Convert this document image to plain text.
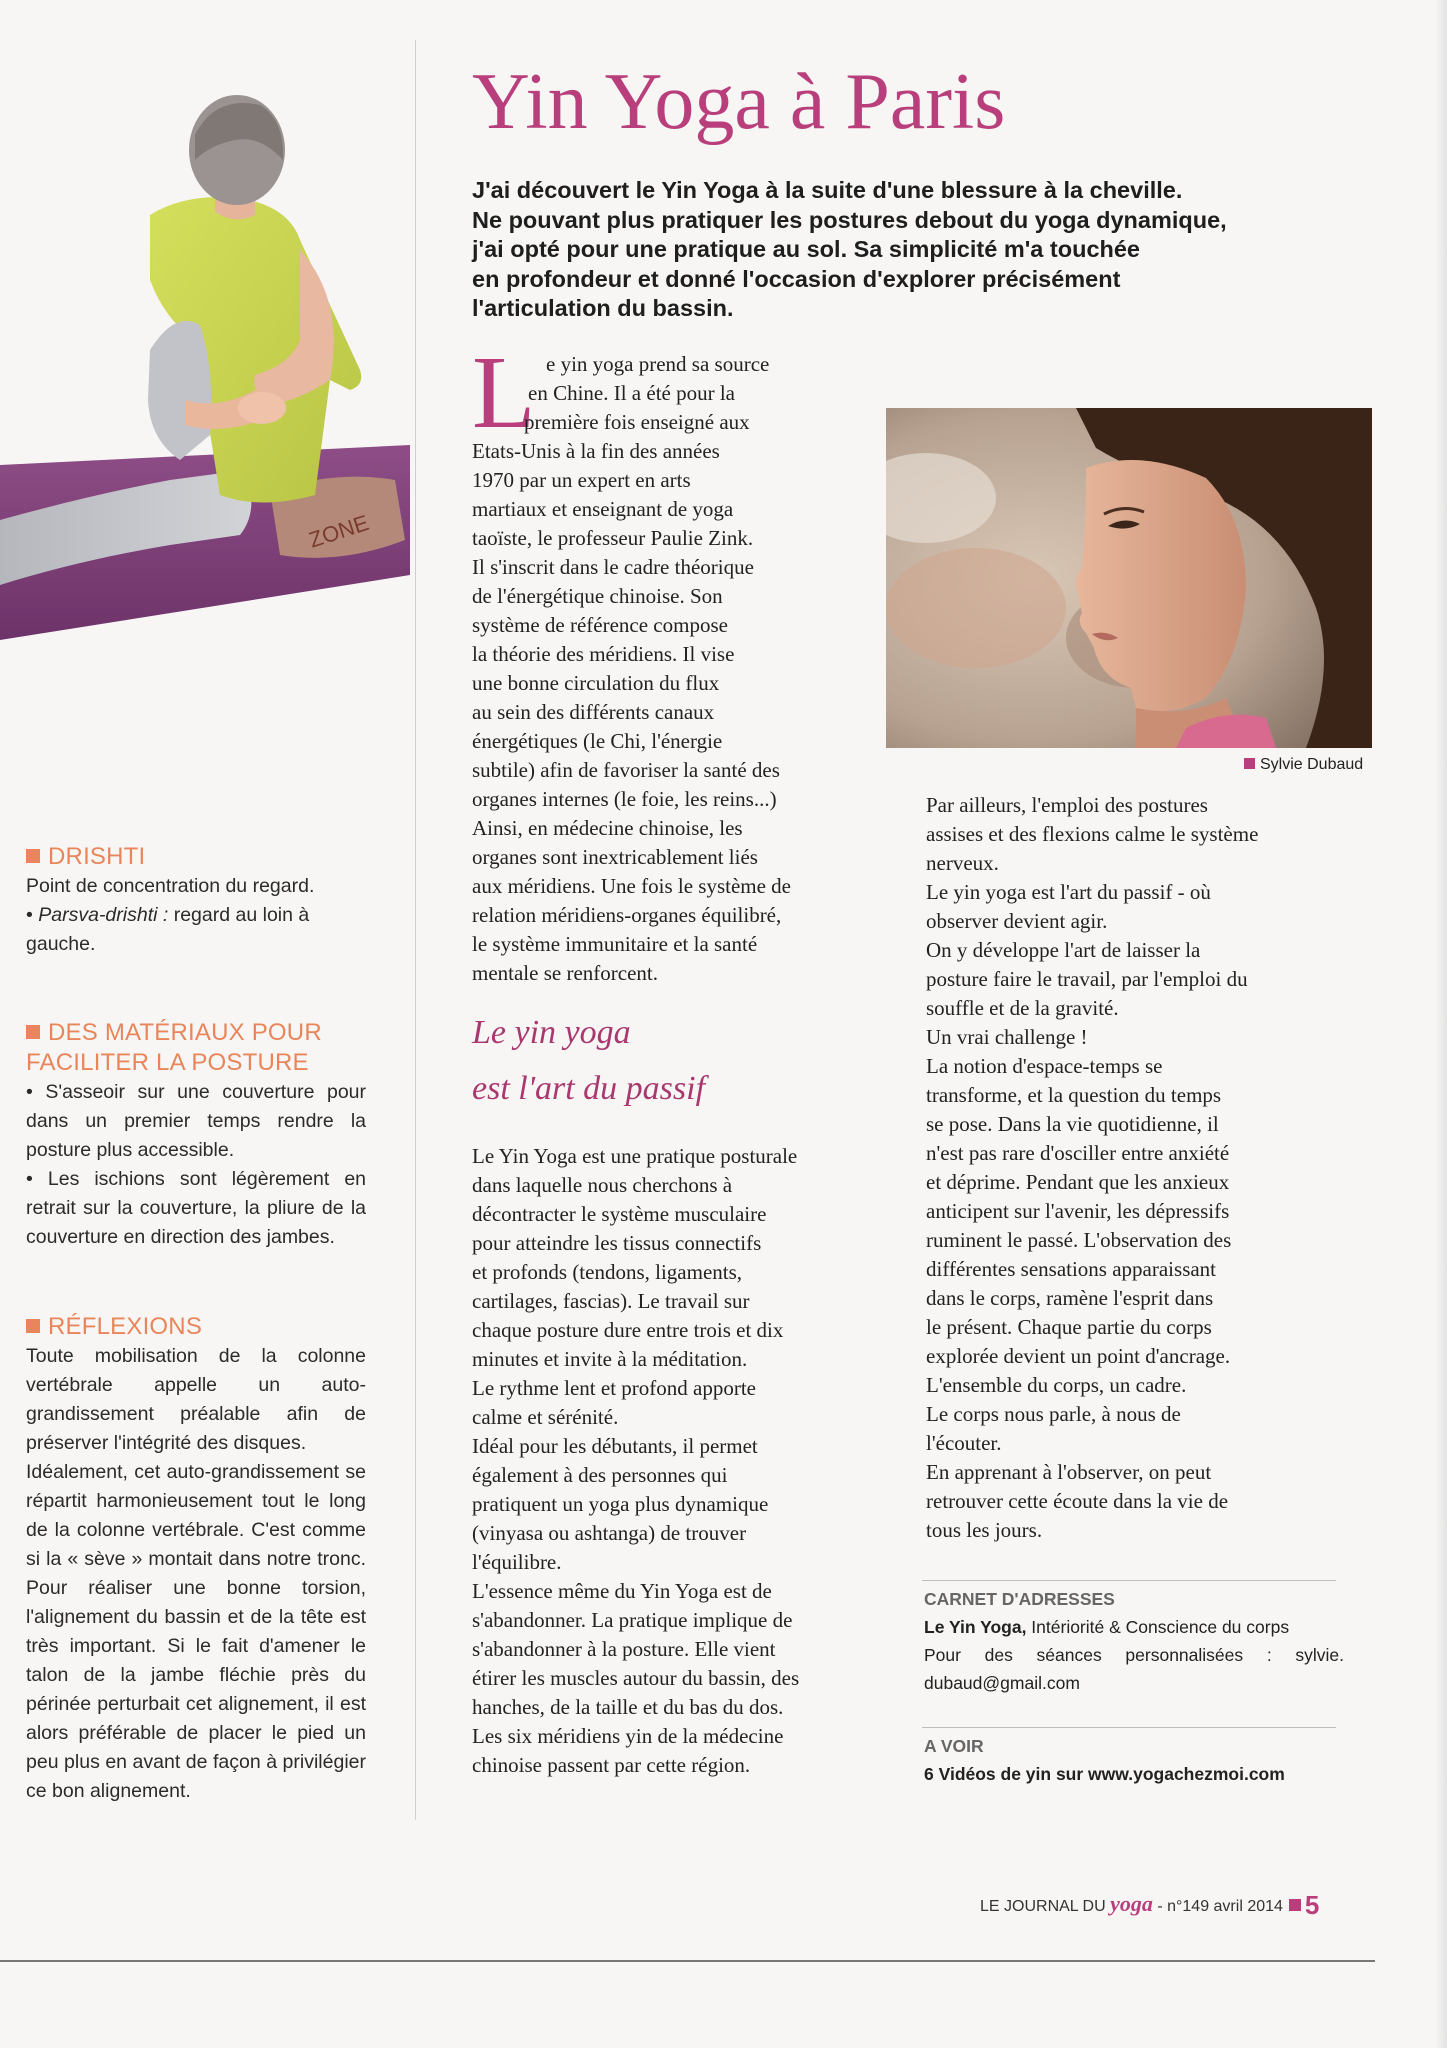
ZONE
DRISHTI

Point de concentration du regard.

• Parsva-drishti : regard au loin à gauche.

DES MATÉRIAUX POUR FACILITER LA POSTURE

• S'asseoir sur une couverture pour dans un premier temps rendre la posture plus accessible.

• Les ischions sont légèrement en retrait sur la couverture, la pliure de la couverture en direction des jambes.

RÉFLEXIONS

Toute mobilisation de la colonne vertébrale appelle un auto-grandissement préalable afin de préserver l'intégrité des disques.

Idéalement, cet auto-grandissement se répartit harmonieusement tout le long de la colonne vertébrale. C'est comme si la « sève » montait dans notre tronc. Pour réaliser une bonne torsion, l'alignement du bassin et de la tête est très important. Si le fait d'amener le talon de la jambe fléchie près du périnée perturbait cet alignement, il est alors préférable de placer le pied un peu plus en avant de façon à privilégier ce bon alignement.

Yin Yoga à Paris
J'ai découvert le Yin Yoga à la suite d'une blessure à la cheville.
Ne pouvant plus pratiquer les postures debout du yoga dynamique,
j'ai opté pour une pratique au sol. Sa simplicité m'a touchée
en profondeur et donné l'occasion d'explorer précisément
l'articulation du bassin.
L e yin yoga prend sa source
en Chine. Il a été pour la
première fois enseigné aux
Etats-Unis à la fin des années
1970 par un expert en arts
martiaux et enseignant de yoga
taoïste, le professeur Paulie Zink.
Il s'inscrit dans le cadre théorique
de l'énergétique chinoise. Son
système de référence compose
la théorie des méridiens. Il vise
une bonne circulation du flux
au sein des différents canaux
énergétiques (le Chi, l'énergie
subtile) afin de favoriser la santé des
organes internes (le foie, les reins...)
Ainsi, en médecine chinoise, les
organes sont inextricablement liés
aux méridiens. Une fois le système de
relation méridiens-organes équilibré,
le système immunitaire et la santé
mentale se renforcent.
Le yin yoga
est l'art du passif
Le Yin Yoga est une pratique posturale
dans laquelle nous cherchons à
décontracter le système musculaire
pour atteindre les tissus connectifs
et profonds (tendons, ligaments,
cartilages, fascias). Le travail sur
chaque posture dure entre trois et dix
minutes et invite à la méditation.
Le rythme lent et profond apporte
calme et sérénité.
Idéal pour les débutants, il permet
également à des personnes qui
pratiquent un yoga plus dynamique
(vinyasa ou ashtanga) de trouver
l'équilibre.
L'essence même du Yin Yoga est de
s'abandonner. La pratique implique de
s'abandonner à la posture. Elle vient
étirer les muscles autour du bassin, des
hanches, de la taille et du bas du dos.
Les six méridiens yin de la médecine
chinoise passent par cette région.
Sylvie Dubaud
Par ailleurs, l'emploi des postures
assises et des flexions calme le système
nerveux.
Le yin yoga est l'art du passif - où
observer devient agir.
On y développe l'art de laisser la
posture faire le travail, par l'emploi du
souffle et de la gravité.
Un vrai challenge !
La notion d'espace-temps se
transforme, et la question du temps
se pose. Dans la vie quotidienne, il
n'est pas rare d'osciller entre anxiété
et déprime. Pendant que les anxieux
anticipent sur l'avenir, les dépressifs
ruminent le passé. L'observation des
différentes sensations apparaissant
dans le corps, ramène l'esprit dans
le présent. Chaque partie du corps
explorée devient un point d'ancrage.
L'ensemble du corps, un cadre.
Le corps nous parle, à nous de
l'écouter.
En apprenant à l'observer, on peut
retrouver cette écoute dans la vie de
tous les jours.
CARNET D'ADRESSES

Le Yin Yoga, Intériorité & Conscience du corps

Pour des séances personnalisées : sylvie.

dubaud@gmail.com

A VOIR

6 Vidéos de yin sur www.yogachezmoi.com

LE JOURNAL DU yoga - n°149 avril 2014 5
